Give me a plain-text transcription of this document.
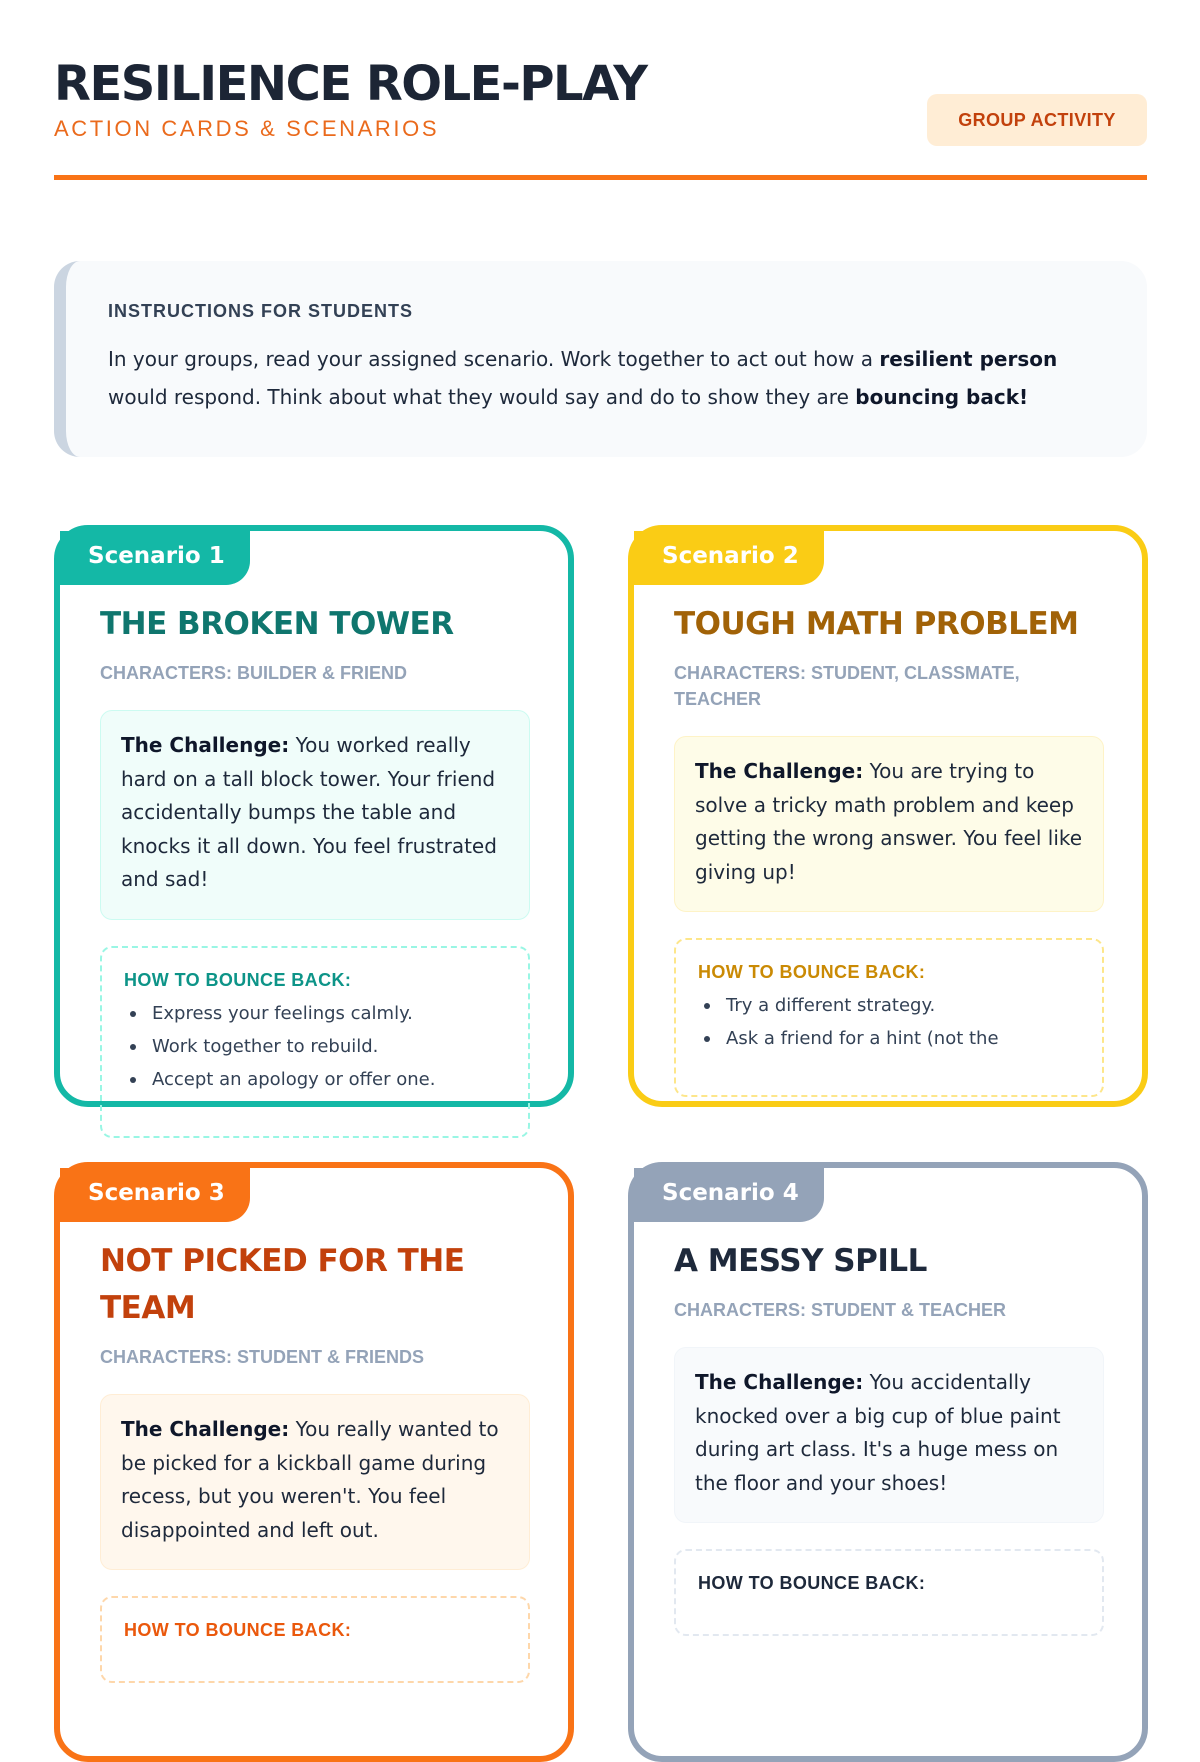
RESILIENCE ROLE-PLAY
ACTION CARDS & SCENARIOS	GROUP ACTIVITY
INSTRUCTIONS FOR STUDENTS
In your groups, read your assigned scenario. Work together to act out how a resilient person would respond. Think about what they would say and do to show they are bouncing back!
Scenario 1
THE BROKEN TOWER
CHARACTERS: BUILDER & FRIEND
The Challenge: You worked really hard on a tall block tower. Your friend accidentally bumps the table and knocks it all down. You feel frustrated and sad!
HOW TO BOUNCE BACK:
Express your feelings calmly.
Work together to rebuild.
Accept an apology or offer one.
Scenario 2
TOUGH MATH PROBLEM
CHARACTERS: STUDENT, CLASSMATE, TEACHER
The Challenge: You are trying to solve a tricky math problem and keep getting the wrong answer. You feel like giving up!
HOW TO BOUNCE BACK:
Try a different strategy.
Ask a friend for a hint (not the
Scenario 3
NOT PICKED FOR THE TEAM
CHARACTERS: STUDENT & FRIENDS
The Challenge: You really wanted to be picked for a kickball game during recess, but you weren't. You feel disappointed and left out.
HOW TO BOUNCE BACK:
Scenario 4
A MESSY SPILL
CHARACTERS: STUDENT & TEACHER
The Challenge: You accidentally knocked over a big cup of blue paint during art class. It's a huge mess on the floor and your shoes!
HOW TO BOUNCE BACK:
